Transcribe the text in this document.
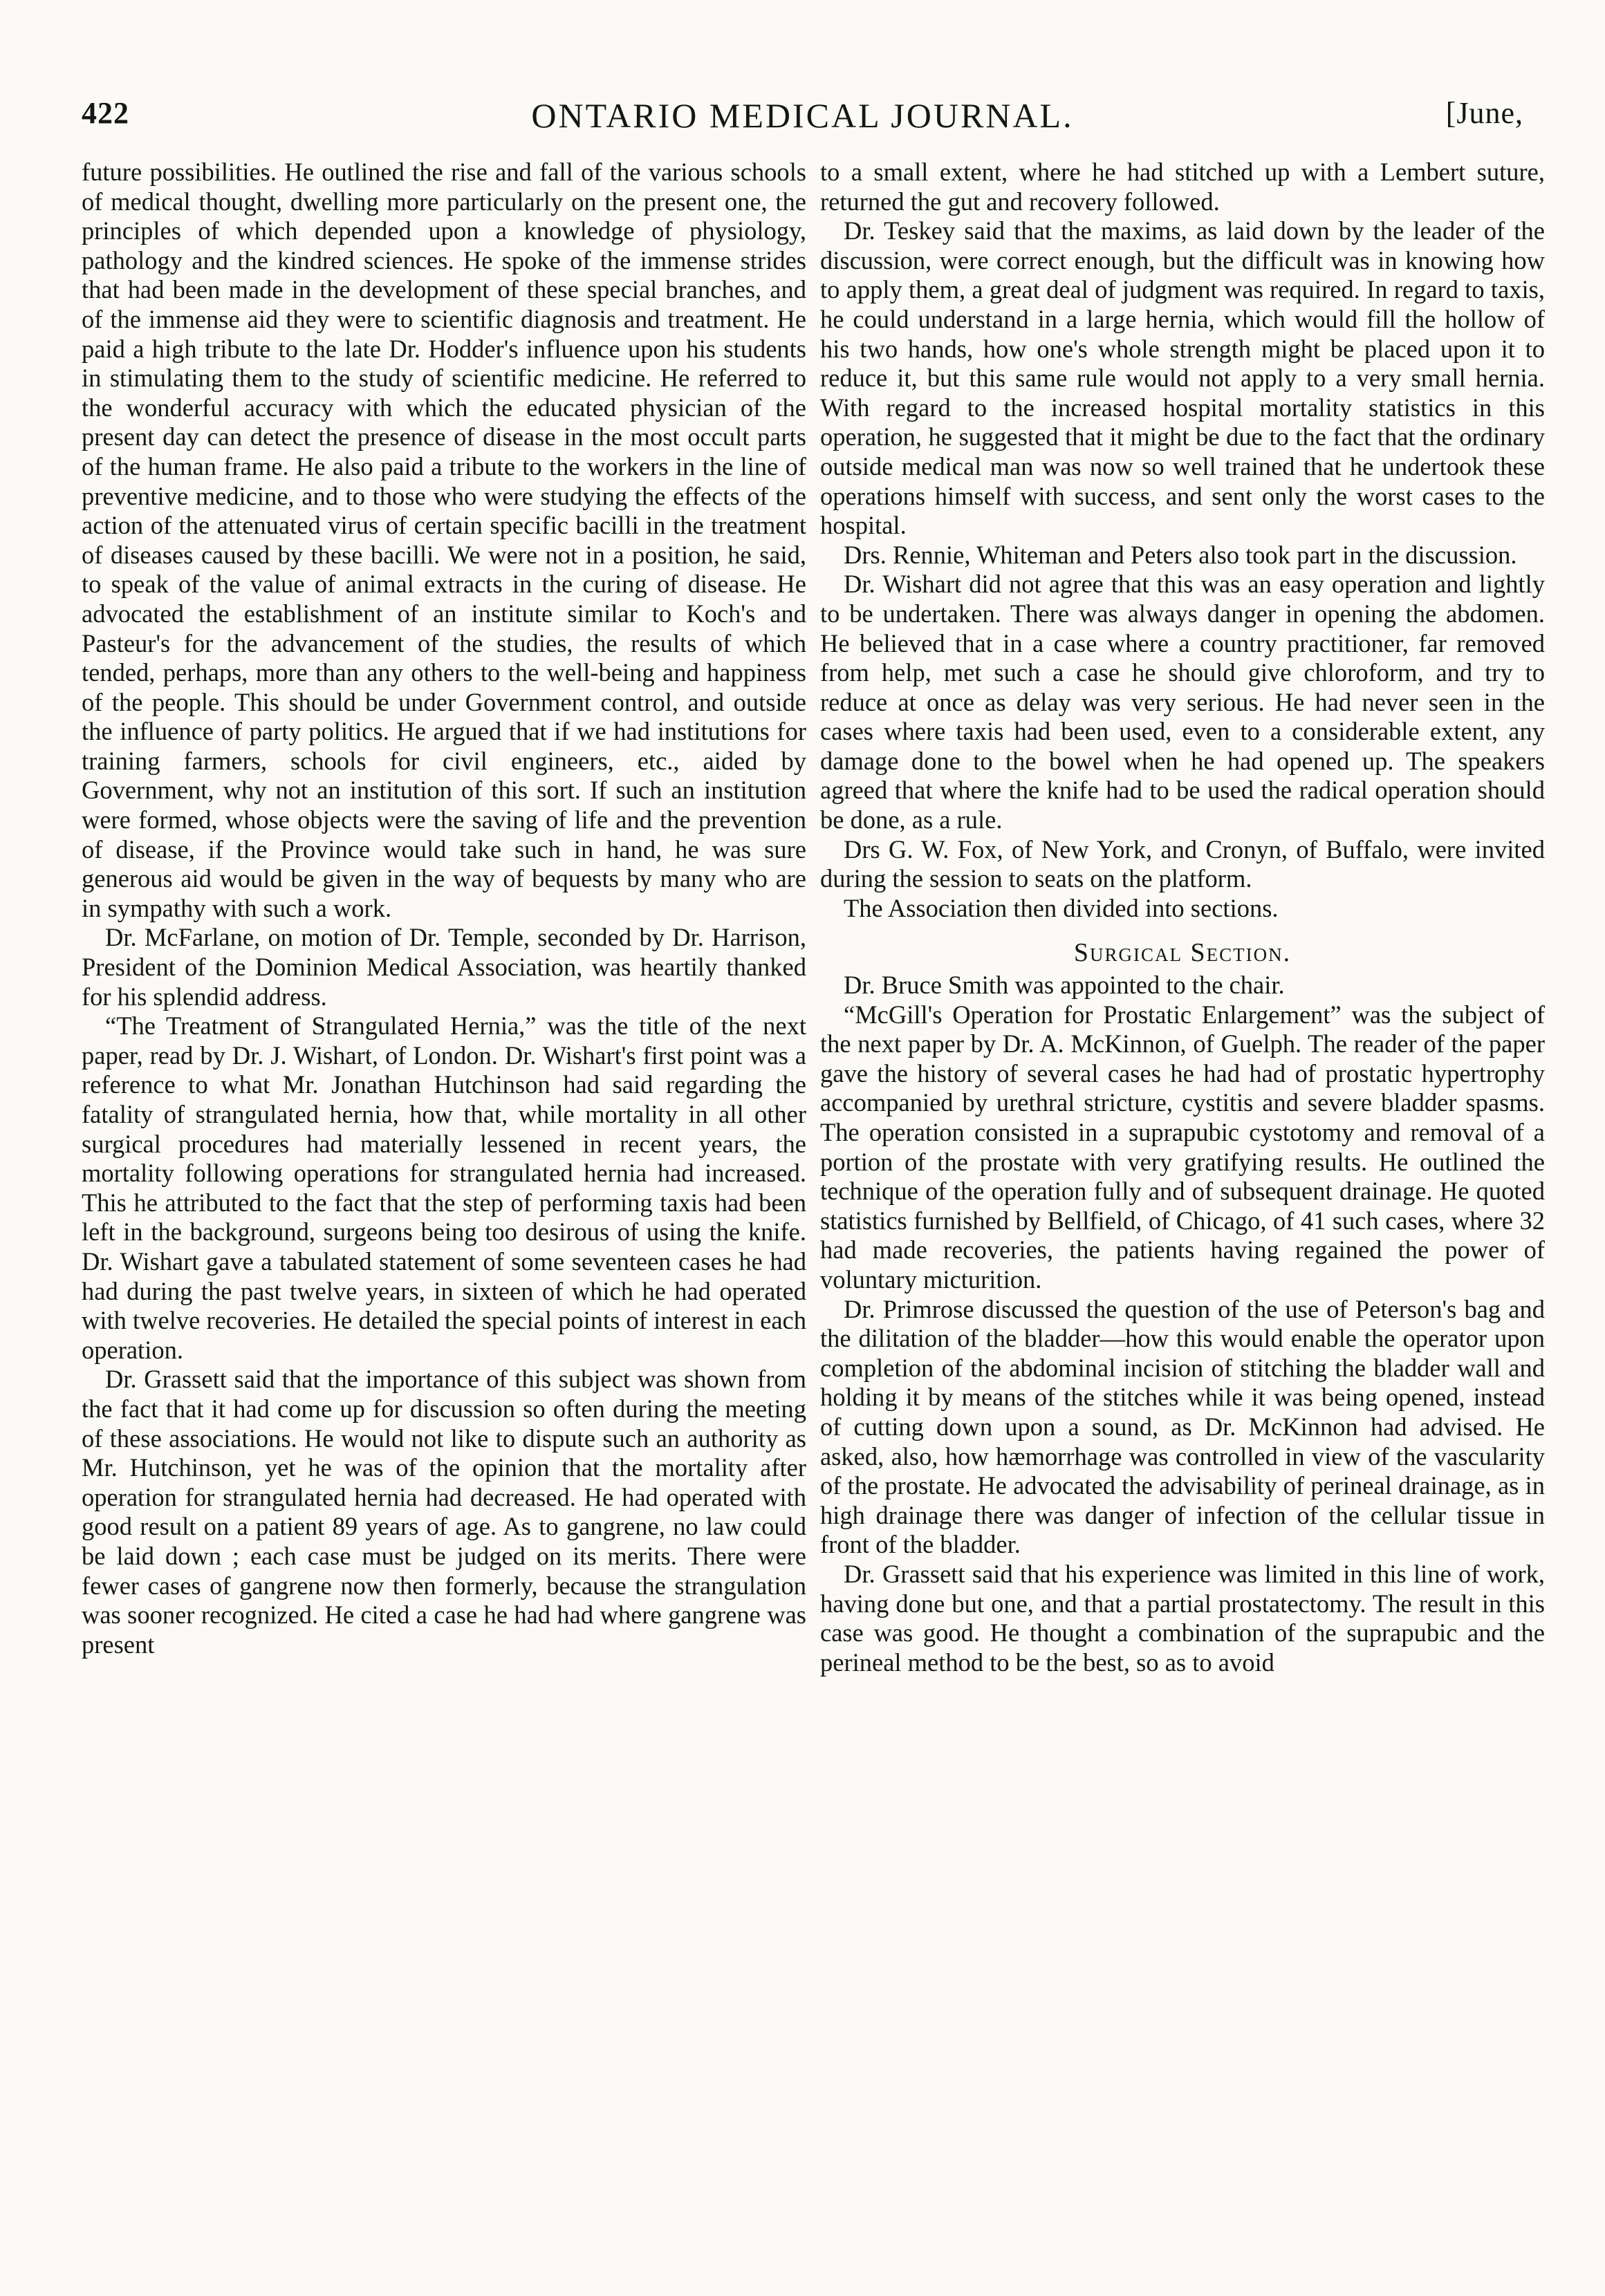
422	ONTARIO MEDICAL JOURNAL.	[June,

future possibilities. He outlined the rise and fall of the various schools of medical thought, dwelling more particularly on the present one, the principles of which depended upon a knowledge of physiology, pathology and the kindred sciences. He spoke of the immense strides that had been made in the development of these special branches, and of the immense aid they were to scientific diagnosis and treatment. He paid a high tribute to the late Dr. Hodder's influence upon his students in stimulating them to the study of scientific medicine. He referred to the wonderful accuracy with which the educated physician of the present day can detect the presence of disease in the most occult parts of the human frame. He also paid a tribute to the workers in the line of preventive medicine, and to those who were studying the effects of the action of the attenuated virus of certain specific bacilli in the treatment of diseases caused by these bacilli. We were not in a position, he said, to speak of the value of animal extracts in the curing of disease. He advocated the establishment of an institute similar to Koch's and Pasteur's for the advancement of the studies, the results of which tended, perhaps, more than any others to the well-being and happiness of the people. This should be under Government control, and outside the influence of party politics. He argued that if we had institutions for training farmers, schools for civil engineers, etc., aided by Government, why not an institution of this sort. If such an institution were formed, whose objects were the saving of life and the prevention of disease, if the Province would take such in hand, he was sure generous aid would be given in the way of bequests by many who are in sympathy with such a work.

Dr. McFarlane, on motion of Dr. Temple, seconded by Dr. Harrison, President of the Dominion Medical Association, was heartily thanked for his splendid address.

“The Treatment of Strangulated Hernia,” was the title of the next paper, read by Dr. J. Wishart, of London. Dr. Wishart's first point was a reference to what Mr. Jonathan Hutchinson had said regarding the fatality of strangulated hernia, how that, while mortality in all other surgical procedures had materially lessened in recent years, the mortality following operations for strangulated hernia had increased. This he attributed to the fact that the step of performing taxis had been left in the background, surgeons being too desirous of using the knife. Dr. Wishart gave a tabulated statement of some seventeen cases he had had during the past twelve years, in sixteen of which he had operated with twelve recoveries. He detailed the special points of interest in each operation.

Dr. Grassett said that the importance of this subject was shown from the fact that it had come up for discussion so often during the meeting of these associations. He would not like to dispute such an authority as Mr. Hutchinson, yet he was of the opinion that the mortality after operation for strangulated hernia had decreased. He had operated with good result on a patient 89 years of age. As to gangrene, no law could be laid down ; each case must be judged on its merits. There were fewer cases of gangrene now then formerly, because the strangulation was sooner recognized. He cited a case he had had where gangrene was present

to a small extent, where he had stitched up with a Lembert suture, returned the gut and recovery followed.

Dr. Teskey said that the maxims, as laid down by the leader of the discussion, were correct enough, but the difficult was in knowing how to apply them, a great deal of judgment was required. In regard to taxis, he could understand in a large hernia, which would fill the hollow of his two hands, how one's whole strength might be placed upon it to reduce it, but this same rule would not apply to a very small hernia. With regard to the increased hospital mortality statistics in this operation, he suggested that it might be due to the fact that the ordinary outside medical man was now so well trained that he undertook these operations himself with success, and sent only the worst cases to the hospital.

Drs. Rennie, Whiteman and Peters also took part in the discussion.

Dr. Wishart did not agree that this was an easy operation and lightly to be undertaken. There was always danger in opening the abdomen. He believed that in a case where a country practitioner, far removed from help, met such a case he should give chloroform, and try to reduce at once as delay was very serious. He had never seen in the cases where taxis had been used, even to a considerable extent, any damage done to the bowel when he had opened up. The speakers agreed that where the knife had to be used the radical operation should be done, as a rule.

Drs G. W. Fox, of New York, and Cronyn, of Buffalo, were invited during the session to seats on the platform.

The Association then divided into sections.

Surgical Section.

Dr. Bruce Smith was appointed to the chair.

“McGill's Operation for Prostatic Enlargement” was the subject of the next paper by Dr. A. McKinnon, of Guelph. The reader of the paper gave the history of several cases he had had of prostatic hypertrophy accompanied by urethral stricture, cystitis and severe bladder spasms. The operation consisted in a suprapubic cystotomy and removal of a portion of the prostate with very gratifying results. He outlined the technique of the operation fully and of subsequent drainage. He quoted statistics furnished by Bellfield, of Chicago, of 41 such cases, where 32 had made recoveries, the patients having regained the power of voluntary micturition.

Dr. Primrose discussed the question of the use of Peterson's bag and the dilitation of the bladder—how this would enable the operator upon completion of the abdominal incision of stitching the bladder wall and holding it by means of the stitches while it was being opened, instead of cutting down upon a sound, as Dr. McKinnon had advised. He asked, also, how hæmorrhage was controlled in view of the vascularity of the prostate. He advocated the advisability of perineal drainage, as in high drainage there was danger of infection of the cellular tissue in front of the bladder.

Dr. Grassett said that his experience was limited in this line of work, having done but one, and that a partial prostatectomy. The result in this case was good. He thought a combination of the suprapubic and the perineal method to be the best, so as to avoid
